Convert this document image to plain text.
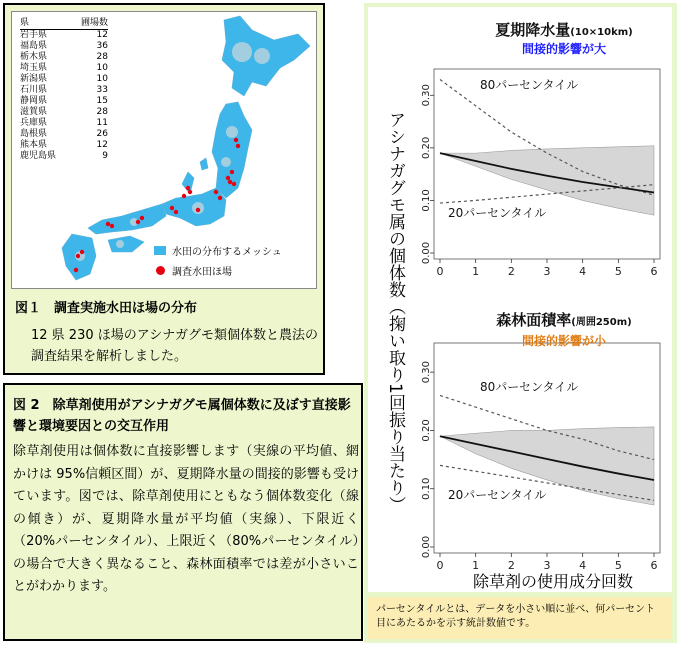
県	圃場数
岩手県	12
福島県	36
栃木県	28
埼玉県	10
新潟県	10
石川県	33
静岡県	15
滋賀県	28
兵庫県	11
島根県	26
熊本県	12
鹿児島県	9
水田の分布するメッシュ
調査水田ほ場
図１　調査実施水田ほ場の分布
12 県 230 ほ場のアシナガグモ類個体数と農法の調査結果を解析しました。
図 2　除草剤使用がアシナガグモ属個体数に及ぼす直接影響と環境要因との交互作用
除草剤使用は個体数に直接影響します（実線の平均値、網かけは 95%信頼区間）が、夏期降水量の間接的影響も受けています。図では、除草剤使用にともなう個体数変化（線の傾き）が、夏期降水量が平均値（実線）、下限近く（20%パーセンタイル）、上限近く（80%パーセンタイル）の場合で大きく異なること、森林面積率では差が小さいことがわかります。
0.00
0.10
0.20
0.30
0	1	2	3	4	5	6
夏期降水量(10×10km)
間接的影響が大
80パーセンタイル
20パーセンタイル
0.00
0.10
0.20
0.30
0	1	2	3	4	5	6
森林面積率(周囲250m)
間接的影響が小
80パーセンタイル
20パーセンタイル
アシナガグモ属の個体数（掬い取り1回振り当たり）
除草剤の使用成分回数
パーセンタイルとは、データを小さい順に並べ、何パーセント目にあたるかを示す統計数値です。
